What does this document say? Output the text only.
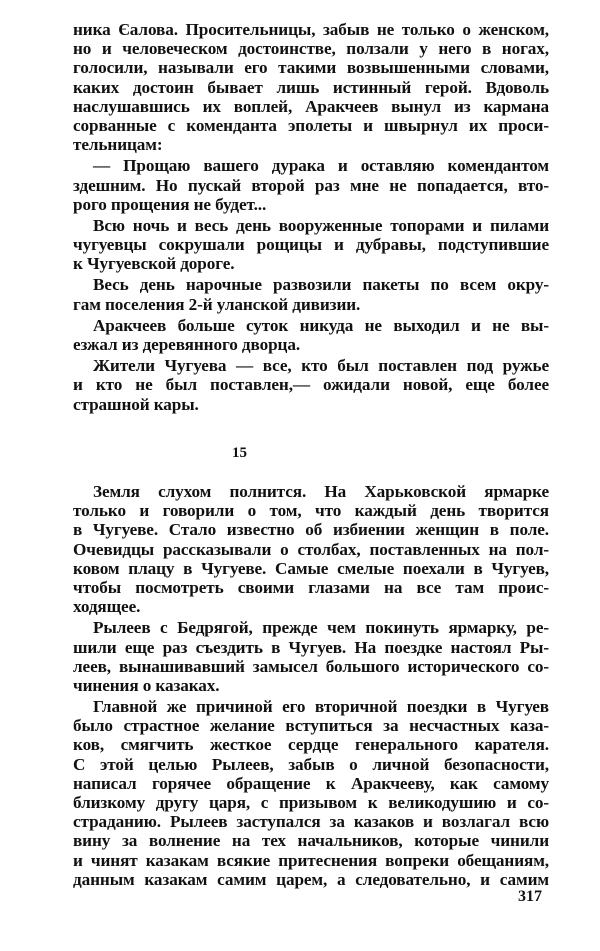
ника Єалова. Просительницы, забыв не только о женском,
но и человеческом достоинстве, ползали у него в ногах,
голосили, называли его такими возвышенными словами,
каких достоин бывает лишь истинный герой. Вдоволь
наслушавшись их воплей, Аракчеев вынул из кармана
сорванные с коменданта эполеты и швырнул их проси-
тельницам:
— Прощаю вашего дурака и оставляю комендантом
здешним. Но пускай второй раз мне не попадается, вто-
рого прощения не будет...
Всю ночь и весь день вооруженные топорами и пилами
чугуевцы сокрушали рощицы и дубравы, подступившие
к Чугуевской дороге.
Весь день нарочные развозили пакеты по всем окру-
гам поселения 2-й уланской дивизии.
Аракчеев больше суток никуда не выходил и не вы-
езжал из деревянного дворца.
Жители Чугуева — все, кто был поставлен под ружье
и кто не был поставлен,— ожидали новой, еще более
страшной кары.
15
Земля слухом полнится. На Харьковской ярмарке
только и говорили о том, что каждый день творится
в Чугуеве. Стало известно об избиении женщин в поле.
Очевидцы рассказывали о столбах, поставленных на пол-
ковом плацу в Чугуеве. Самые смелые поехали в Чугуев,
чтобы посмотреть своими глазами на все там проис-
ходящее.
Рылеев с Бедрягой, прежде чем покинуть ярмарку, ре-
шили еще раз съездить в Чугуев. На поездке настоял Ры-
леев, вынашивавший замысел большого исторического со-
чинения о казаках.
Главной же причиной его вторичной поездки в Чугуев
было страстное желание вступиться за несчастных каза-
ков, смягчить жесткое сердце генерального карателя.
С этой целью Рылеев, забыв о личной безопасности,
написал горячее обращение к Аракчееву, как самому
близкому другу царя, с призывом к великодушию и со-
страданию. Рылеев заступался за казаков и возлагал всю
вину за волнение на тех начальников, которые чинили
и чинят казакам всякие притеснения вопреки обещаниям,
данным казакам самим царем, а следовательно, и самим
317
